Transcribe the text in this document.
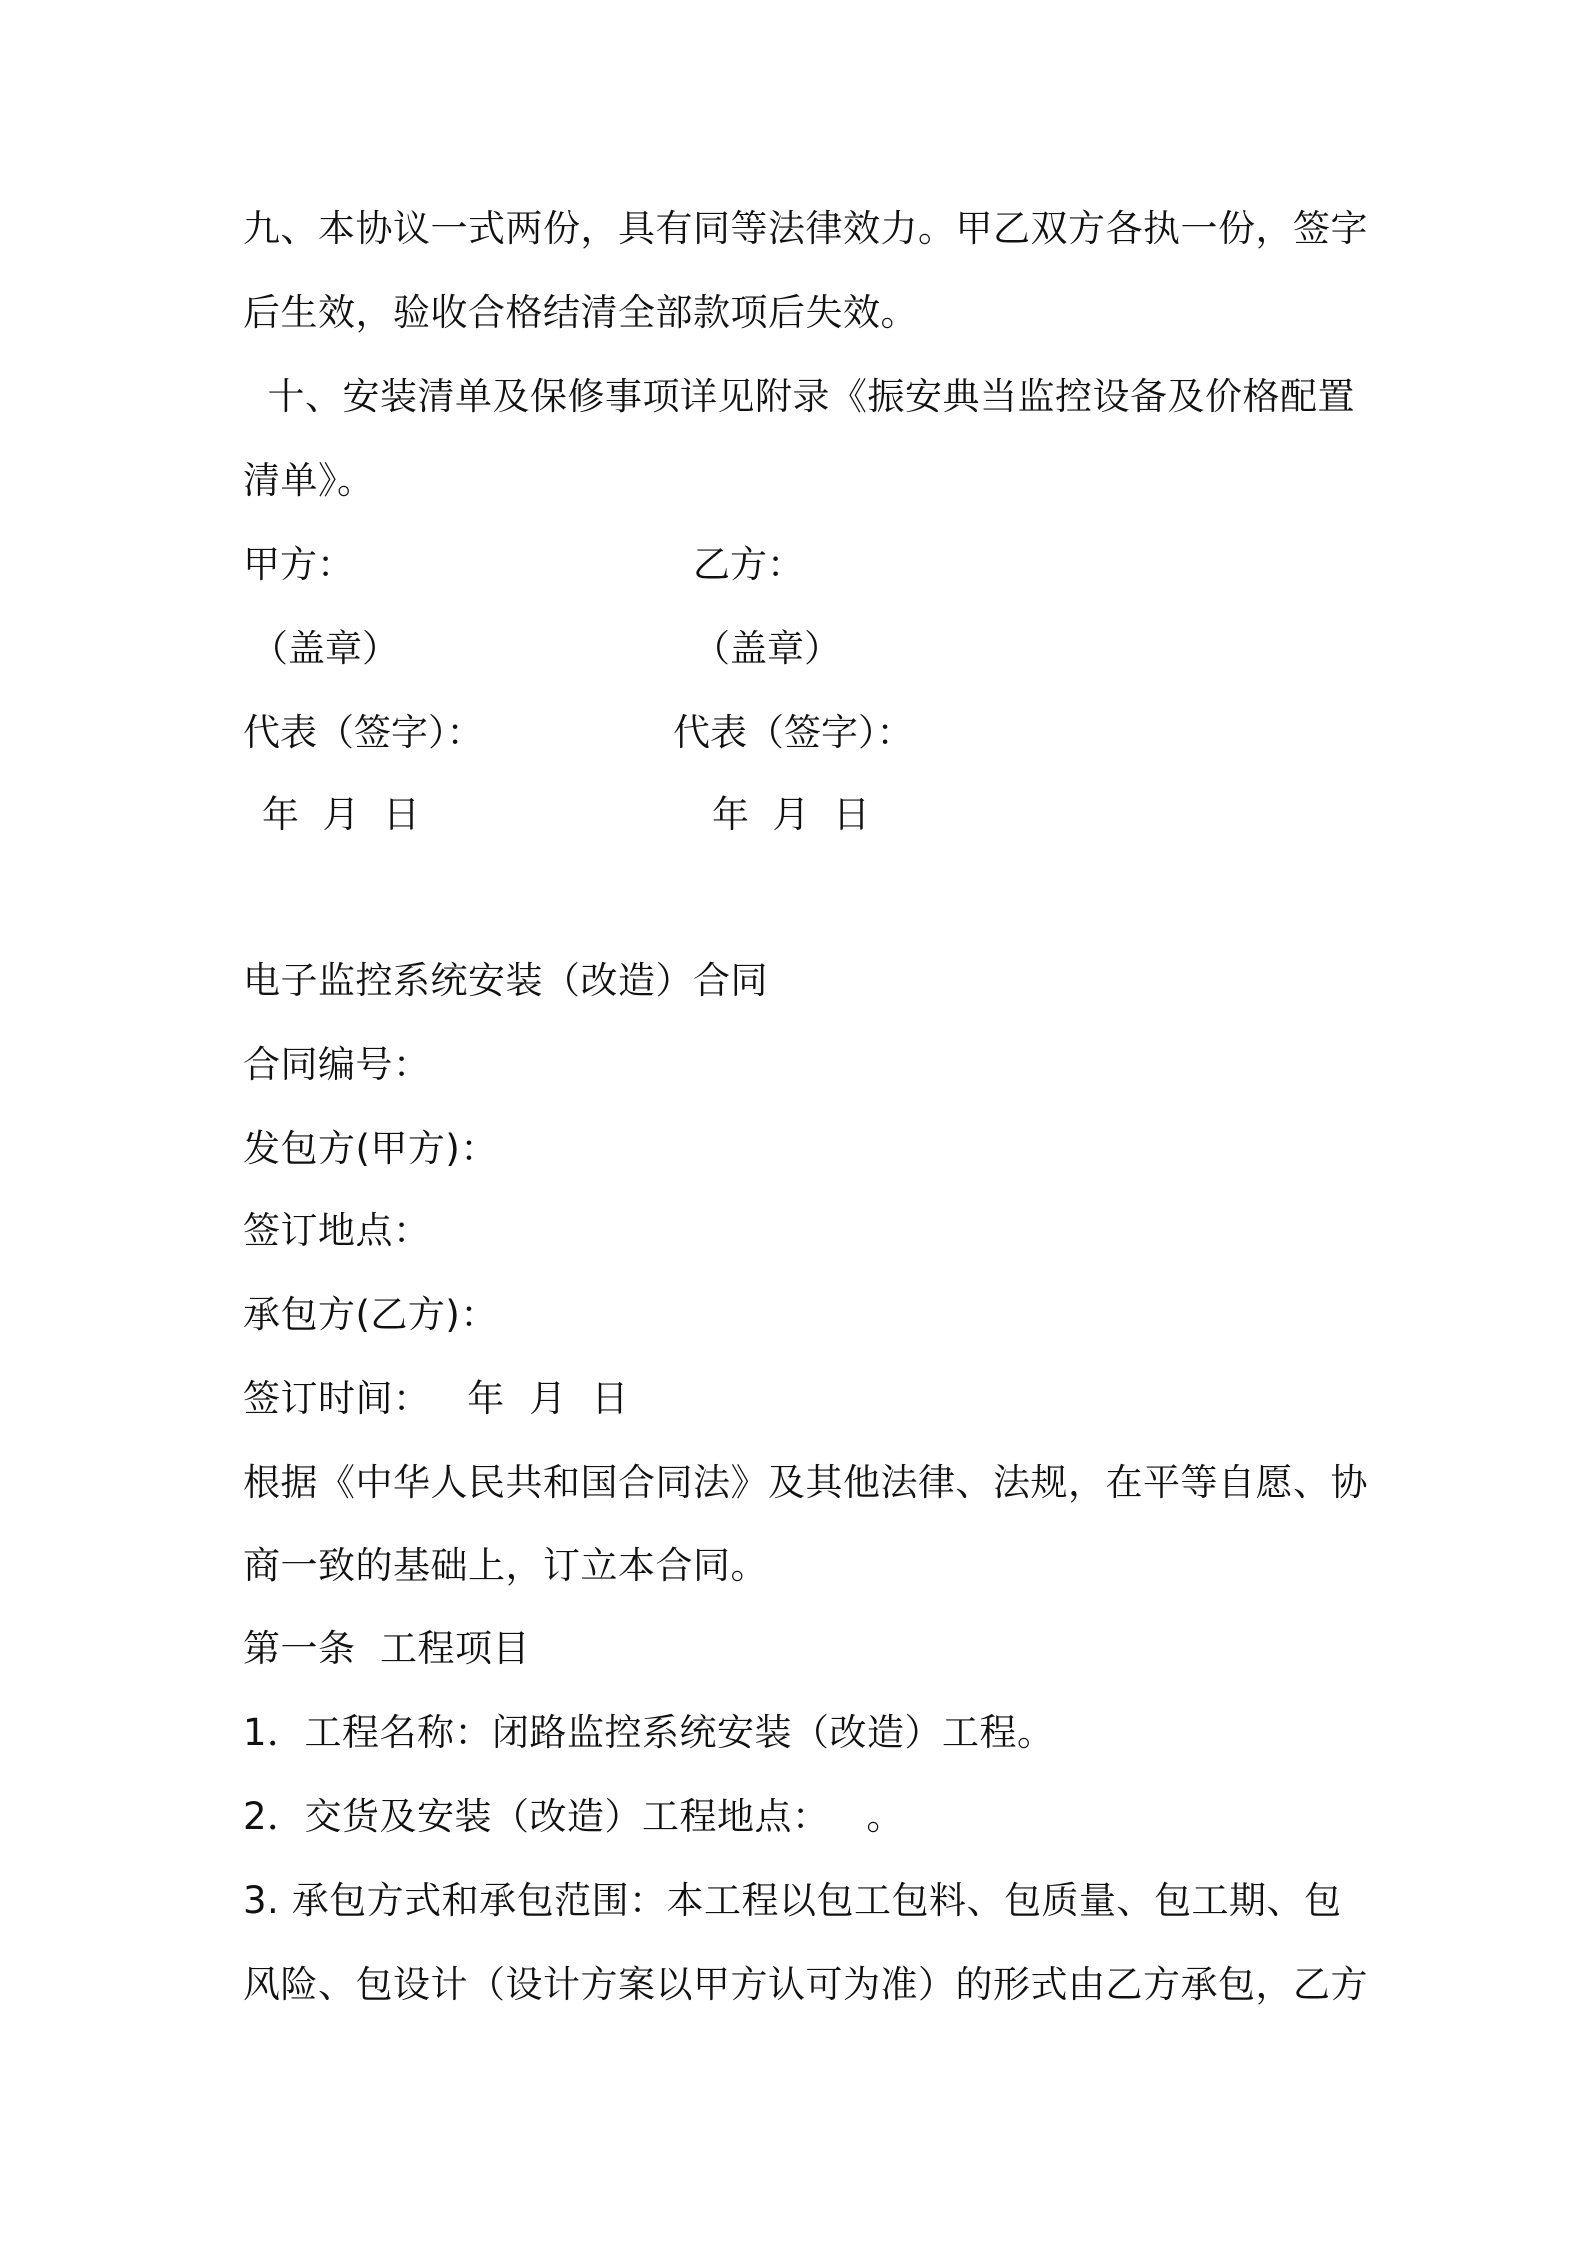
九、本协议一式两份，具有同等法律效力。甲乙双方各执一份，签字
后生效，验收合格结清全部款项后失效。
十、安装清单及保修事项详见附录《振安典当监控设备及价格配置
清单》。
甲方：	乙方：
（盖章）	（盖章）
代表（签字）：	代表（签字）：
年  月  日	年  月  日
电子监控系统安装（改造）合同
合同编号：
发包方(甲方)：
签订地点：
承包方(乙方)：
签订时间：   年  月  日
根据《中华人民共和国合同法》及其他法律、法规，在平等自愿、协
商一致的基础上，订立本合同。
第一条  工程项目
1．工程名称：闭路监控系统安装（改造）工程。
2．交货及安装（改造）工程地点：   。
3. 承包方式和承包范围：本工程以包工包料、包质量、包工期、包
风险、包设计（设计方案以甲方认可为准）的形式由乙方承包，乙方
